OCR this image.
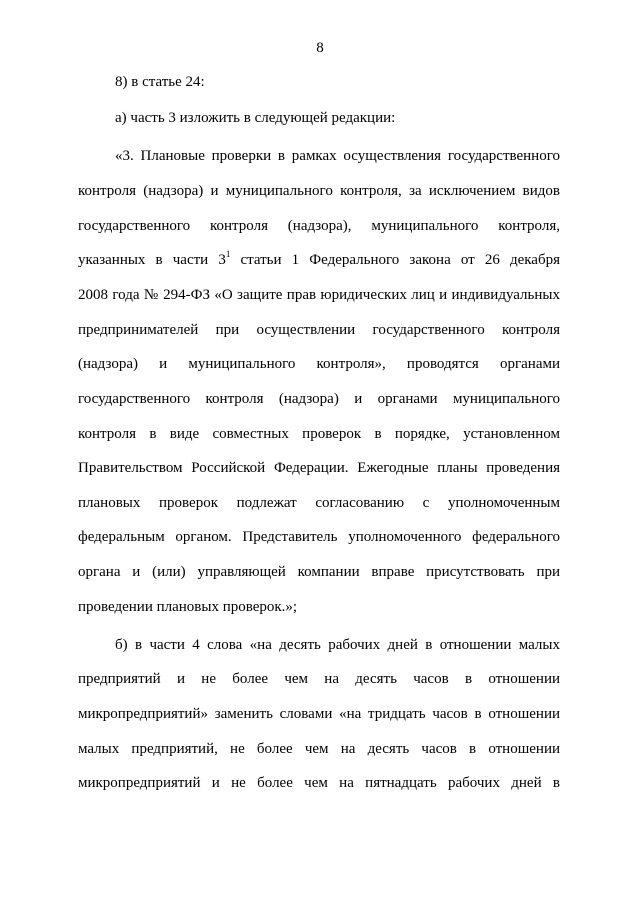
8
8) в статье 24:
а) часть 3 изложить в следующей редакции:
«3. Плановые проверки в рамках осуществления государственного
контроля (надзора) и муниципального контроля, за исключением видов
государственного контроля (надзора), муниципального контроля,
указанных в части $3^1$ статьи 1 Федерального закона от 26 декабря
2008 года № 294-ФЗ «О защите прав юридических лиц и индивидуальных
предпринимателей при осуществлении государственного контроля
(надзора) и муниципального контроля», проводятся органами
государственного контроля (надзора) и органами муниципального
контроля в виде совместных проверок в порядке, установленном
Правительством Российской Федерации. Ежегодные планы проведения
плановых проверок подлежат согласованию с уполномоченным
федеральным органом. Представитель уполномоченного федерального
органа и (или) управляющей компании вправе присутствовать при
проведении плановых проверок.»;
б) в части 4 слова «на десять рабочих дней в отношении малых
предприятий и не более чем на десять часов в отношении
микропредприятий» заменить словами «на тридцать часов в отношении
малых предприятий, не более чем на десять часов в отношении
микропредприятий и не более чем на пятнадцать рабочих дней в
